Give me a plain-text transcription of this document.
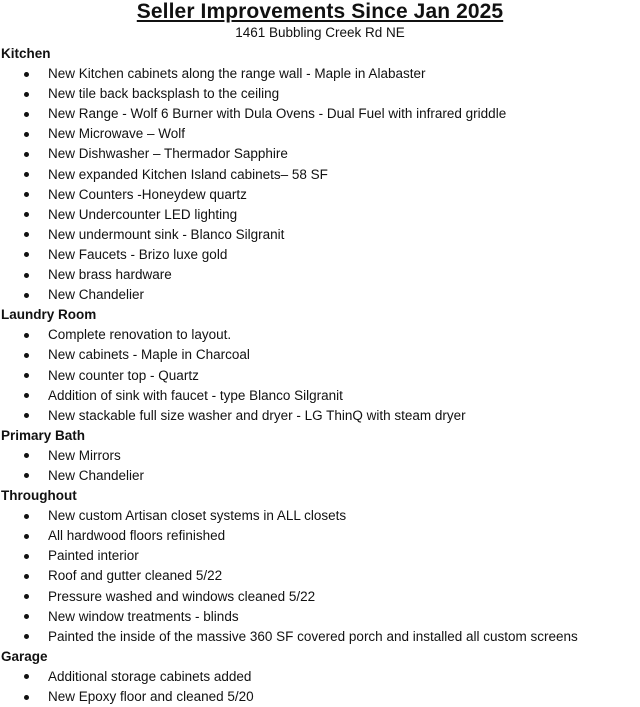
Seller Improvements Since Jan 2025

1461 Bubbling Creek Rd NE

Kitchen
New Kitchen cabinets along the range wall - Maple in Alabaster
New tile back backsplash to the ceiling
New Range - Wolf 6 Burner with Dula Ovens - Dual Fuel with infrared griddle
New Microwave – Wolf
New Dishwasher – Thermador Sapphire
New expanded Kitchen Island cabinets– 58 SF
New Counters -Honeydew quartz
New Undercounter LED lighting
New undermount sink - Blanco Silgranit
New Faucets - Brizo luxe gold
New brass hardware
New Chandelier
Laundry Room
Complete renovation to layout.
New cabinets - Maple in Charcoal
New counter top - Quartz
Addition of sink with faucet - type Blanco Silgranit
New stackable full size washer and dryer - LG ThinQ with steam dryer
Primary Bath
New Mirrors
New Chandelier
Throughout
New custom Artisan closet systems in ALL closets
All hardwood floors refinished
Painted interior
Roof and gutter cleaned 5/22
Pressure washed and windows cleaned 5/22
New window treatments - blinds
Painted the inside of the massive 360 SF covered porch and installed all custom screens
Garage
Additional storage cabinets added
New Epoxy floor and cleaned 5/20
